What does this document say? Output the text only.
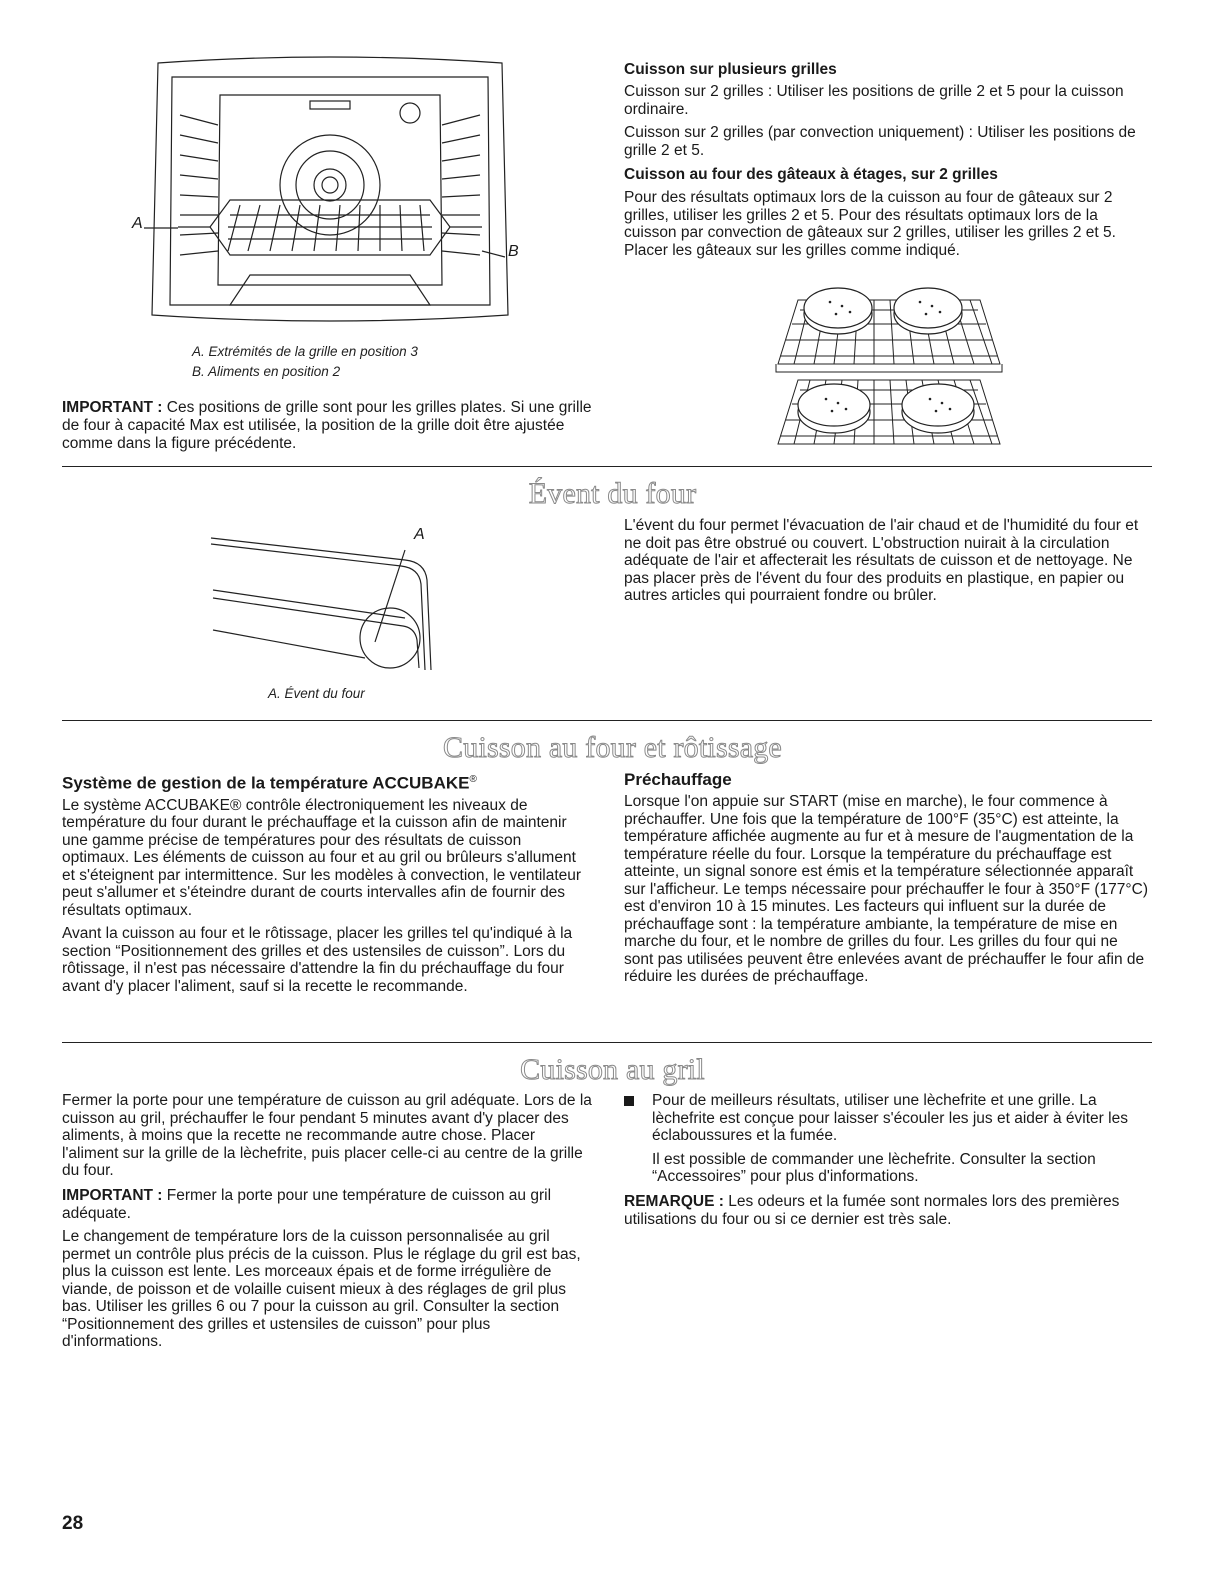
A
B
A. Extrémités de la grille en position 3
B. Aliments en position 2
IMPORTANT : Ces positions de grille sont pour les grilles plates. Si une grille de four à capacité Max est utilisée, la position de la grille doit être ajustée comme dans la figure précédente.
Cuisson sur plusieurs grilles

Cuisson sur 2 grilles : Utiliser les positions de grille 2 et 5 pour la cuisson ordinaire.

Cuisson sur 2 grilles (par convection uniquement) : Utiliser les positions de grille 2 et 5.

Cuisson au four des gâteaux à étages, sur 2 grilles

Pour des résultats optimaux lors de la cuisson au four de gâteaux sur 2 grilles, utiliser les grilles 2 et 5. Pour des résultats optimaux lors de la cuisson par convection de gâteaux sur 2 grilles, utiliser les grilles 2 et 5. Placer les gâteaux sur les grilles comme indiqué.

Évent du four
A
A. Évent du four

L'évent du four permet l'évacuation de l'air chaud et de l'humidité du four et ne doit pas être obstrué ou couvert. L'obstruction nuirait à la circulation adéquate de l'air et affecterait les résultats de cuisson et de nettoyage. Ne pas placer près de l'évent du four des produits en plastique, en papier ou autres articles qui pourraient fondre ou brûler.

Cuisson au four et rôtissage
Système de gestion de la température ACCUBAKE®

Le système ACCUBAKE® contrôle électroniquement les niveaux de température du four durant le préchauffage et la cuisson afin de maintenir une gamme précise de températures pour des résultats de cuisson optimaux. Les éléments de cuisson au four et au gril ou brûleurs s'allument et s'éteignent par intermittence. Sur les modèles à convection, le ventilateur peut s'allumer et s'éteindre durant de courts intervalles afin de fournir des résultats optimaux.

Avant la cuisson au four et le rôtissage, placer les grilles tel qu'indiqué à la section “Positionnement des grilles et des ustensiles de cuisson”. Lors du rôtissage, il n'est pas nécessaire d'attendre la fin du préchauffage du four avant d'y placer l'aliment, sauf si la recette le recommande.

Préchauffage

Lorsque l'on appuie sur START (mise en marche), le four commence à préchauffer. Une fois que la température de 100°F (35°C) est atteinte, la température affichée augmente au fur et à mesure de l'augmentation de la température réelle du four. Lorsque la température du préchauffage est atteinte, un signal sonore est émis et la température sélectionnée apparaît sur l'afficheur. Le temps nécessaire pour préchauffer le four à 350°F (177°C) est d'environ 10 à 15 minutes. Les facteurs qui influent sur la durée de préchauffage sont : la température ambiante, la température de mise en marche du four, et le nombre de grilles du four. Les grilles du four qui ne sont pas utilisées peuvent être enlevées avant de préchauffer le four afin de réduire les durées de préchauffage.

Cuisson au gril

Fermer la porte pour une température de cuisson au gril adéquate. Lors de la cuisson au gril, préchauffer le four pendant 5 minutes avant d'y placer des aliments, à moins que la recette ne recommande autre chose. Placer l'aliment sur la grille de la lèchefrite, puis placer celle-ci au centre de la grille du four.

IMPORTANT : Fermer la porte pour une température de cuisson au gril adéquate.

Le changement de température lors de la cuisson personnalisée au gril permet un contrôle plus précis de la cuisson. Plus le réglage du gril est bas, plus la cuisson est lente. Les morceaux épais et de forme irrégulière de viande, de poisson et de volaille cuisent mieux à des réglages de gril plus bas. Utiliser les grilles 6 ou 7 pour la cuisson au gril. Consulter la section “Positionnement des grilles et ustensiles de cuisson” pour plus d'informations.

Pour de meilleurs résultats, utiliser une lèchefrite et une grille. La lèchefrite est conçue pour laisser s'écouler les jus et aider à éviter les éclaboussures et la fumée.

Il est possible de commander une lèchefrite. Consulter la section “Accessoires” pour plus d'informations.

REMARQUE : Les odeurs et la fumée sont normales lors des premières utilisations du four ou si ce dernier est très sale.

28
